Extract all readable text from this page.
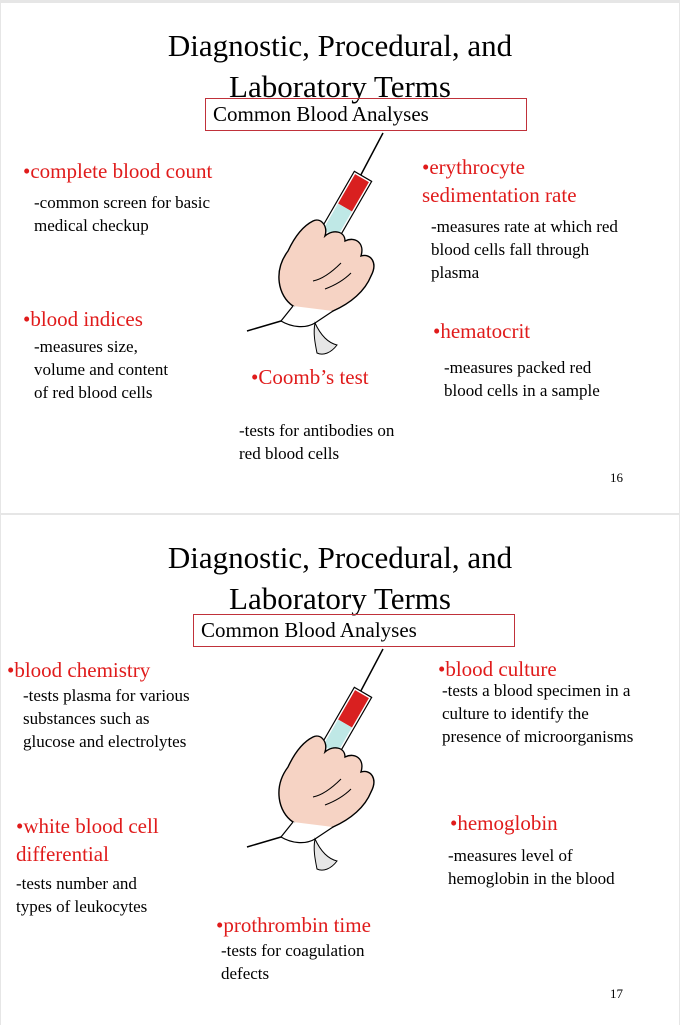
Diagnostic, Procedural, and
Laboratory Terms
Common Blood Analyses
•complete blood count
-common screen for basic
medical checkup
•erythrocyte
sedimentation rate
-measures rate at which red
blood cells fall through
plasma
•blood indices
-measures size,
volume and content
of red blood cells
•hematocrit
-measures packed red
blood cells in a sample
•Coomb’s test
-tests for antibodies on
red blood cells
16
Diagnostic, Procedural, and
Laboratory Terms
Common Blood Analyses
•blood chemistry
-tests plasma for various
substances such as
glucose and electrolytes
•blood culture
-tests a blood specimen in a
culture to identify the
presence of microorganisms
•white blood cell
differential
-tests number and
types of leukocytes
•hemoglobin
-measures level of
hemoglobin in the blood
•prothrombin time
-tests for coagulation
defects
17
